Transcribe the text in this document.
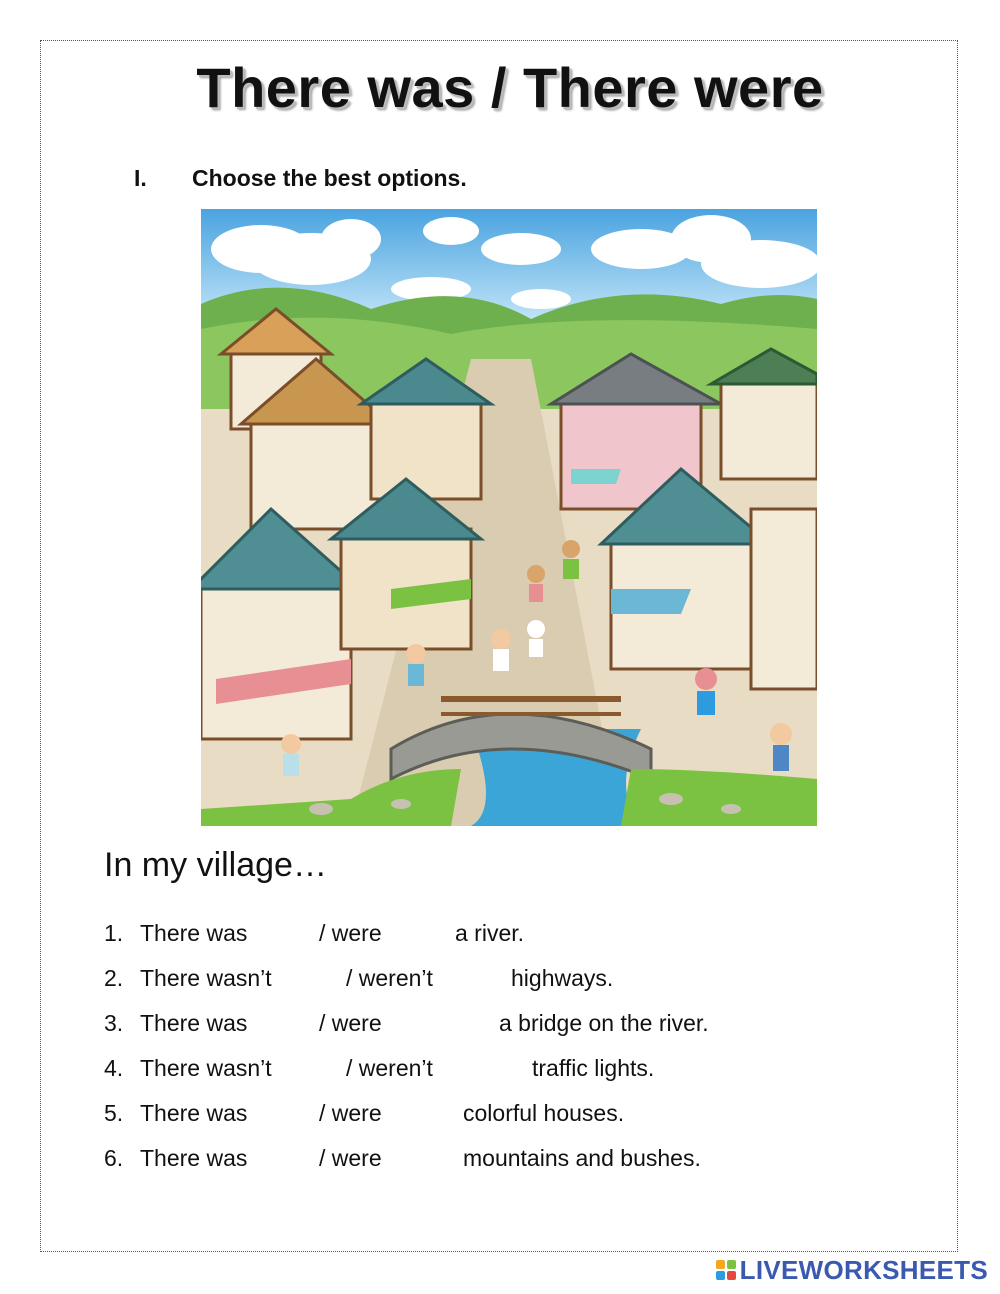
There was / There were
I. Choose the best options.
In my village…
1. There was	/ were	a river.
2. There wasn’t	/ weren’t	highways.
3. There was	/ were	a bridge on the river.
4. There wasn’t	/ weren’t	traffic lights.
5. There was	/ were	colorful houses.
6. There was	/ were	mountains and bushes.
LIVEWORKSHEETS
